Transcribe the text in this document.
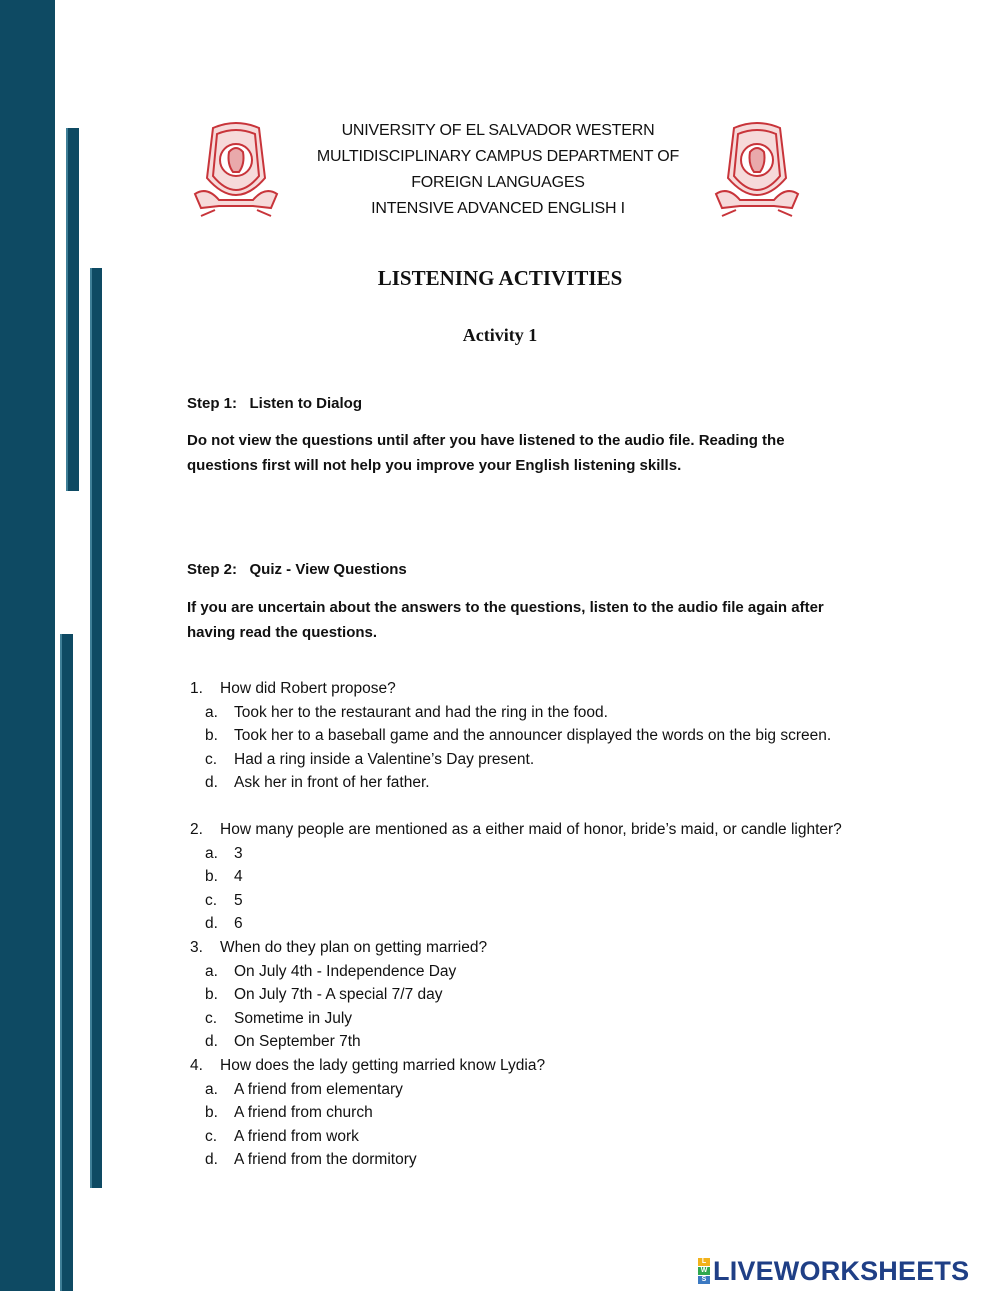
UNIVERSITY OF EL SALVADOR WESTERN
MULTIDISCIPLINARY CAMPUS DEPARTMENT OF
FOREIGN LANGUAGES
INTENSIVE ADVANCED ENGLISH I
LISTENING ACTIVITIES
Activity 1
Step 1:   Listen to Dialog
Do not view the questions until after you have listened to the audio file. Reading the questions first will not help you improve your English listening skills.
Step 2:   Quiz - View Questions
If you are uncertain about the answers to the questions, listen to the audio file again after having read the questions.
1.	How did Robert propose?
a.	Took her to the restaurant and had the ring in the food.
b.	Took her to a baseball game and the announcer displayed the words on the big screen.
c.	Had a ring inside a Valentine’s Day present.
d.	Ask her in front of her father.
2.	How many people are mentioned as a either maid of honor, bride’s maid, or candle lighter?
a.	3
b.	4
c.	5
d.	6
3.	When do they plan on getting married?
a.	On July 4th - Independence Day
b.	On July 7th - A special 7/7 day
c.	Sometime in July
d.	On September 7th
4.	How does the lady getting married know Lydia?
a.	A friend from elementary
b.	A friend from church
c.	A friend from work
d.	A friend from the dormitory
L
W
S LIVEWORKSHEETS
